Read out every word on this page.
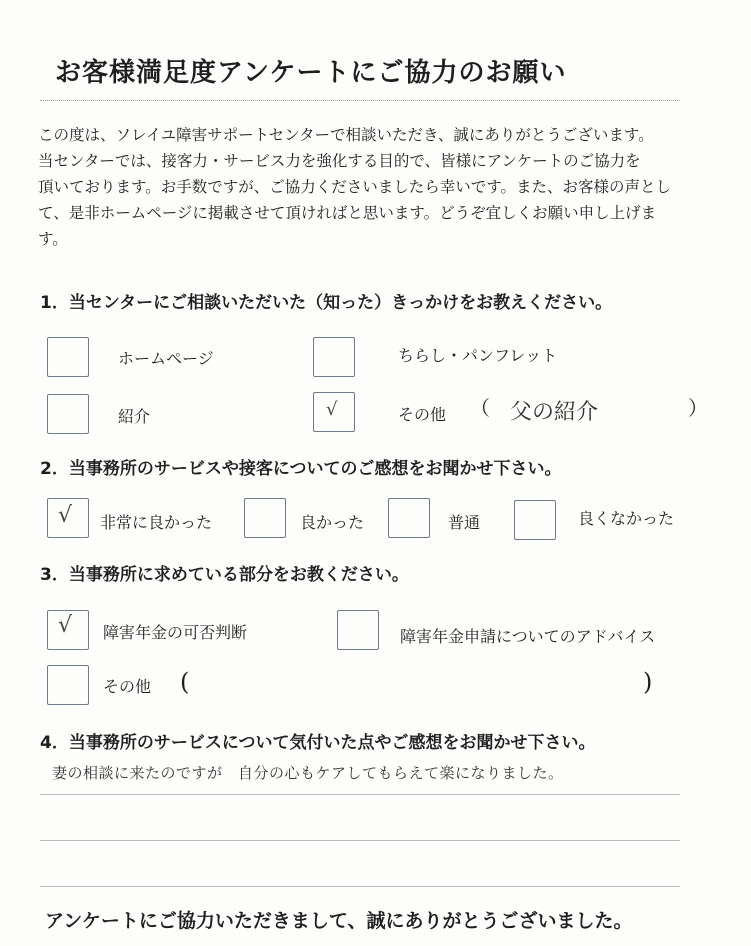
お客様満足度アンケートにご協力のお願い

この度は、ソレイユ障害サポートセンターで相談いただき、誠にありがとうございます。

当センターでは、接客力・サービス力を強化する目的で、皆様にアンケートのご協力を

頂いております。お手数ですが、ご協力くださいましたら幸いです。また、お客様の声とし

て、是非ホームページに掲載させて頂ければと思います。どうぞ宜しくお願い申し上げま

す。

1．当センターにご相談いただいた（知った）きっかけをお教えください。
ホームページ	ちらし・パンフレット
紹介	√	その他 （ 父の紹介	）
2．当事務所のサービスや接客についてのご感想をお聞かせ下さい。
√ 非常に良かった	良かった	普通	良くなかった
3．当事務所に求めている部分をお教ください。
√ 障害年金の可否判断	障害年金申請についてのアドバイス
その他 (	)
4．当事務所のサービスについて気付いた点やご感想をお聞かせ下さい。
妻の相談に来たのですが　自分の心もケアしてもらえて楽になりました。
アンケートにご協力いただきまして、誠にありがとうございました。
